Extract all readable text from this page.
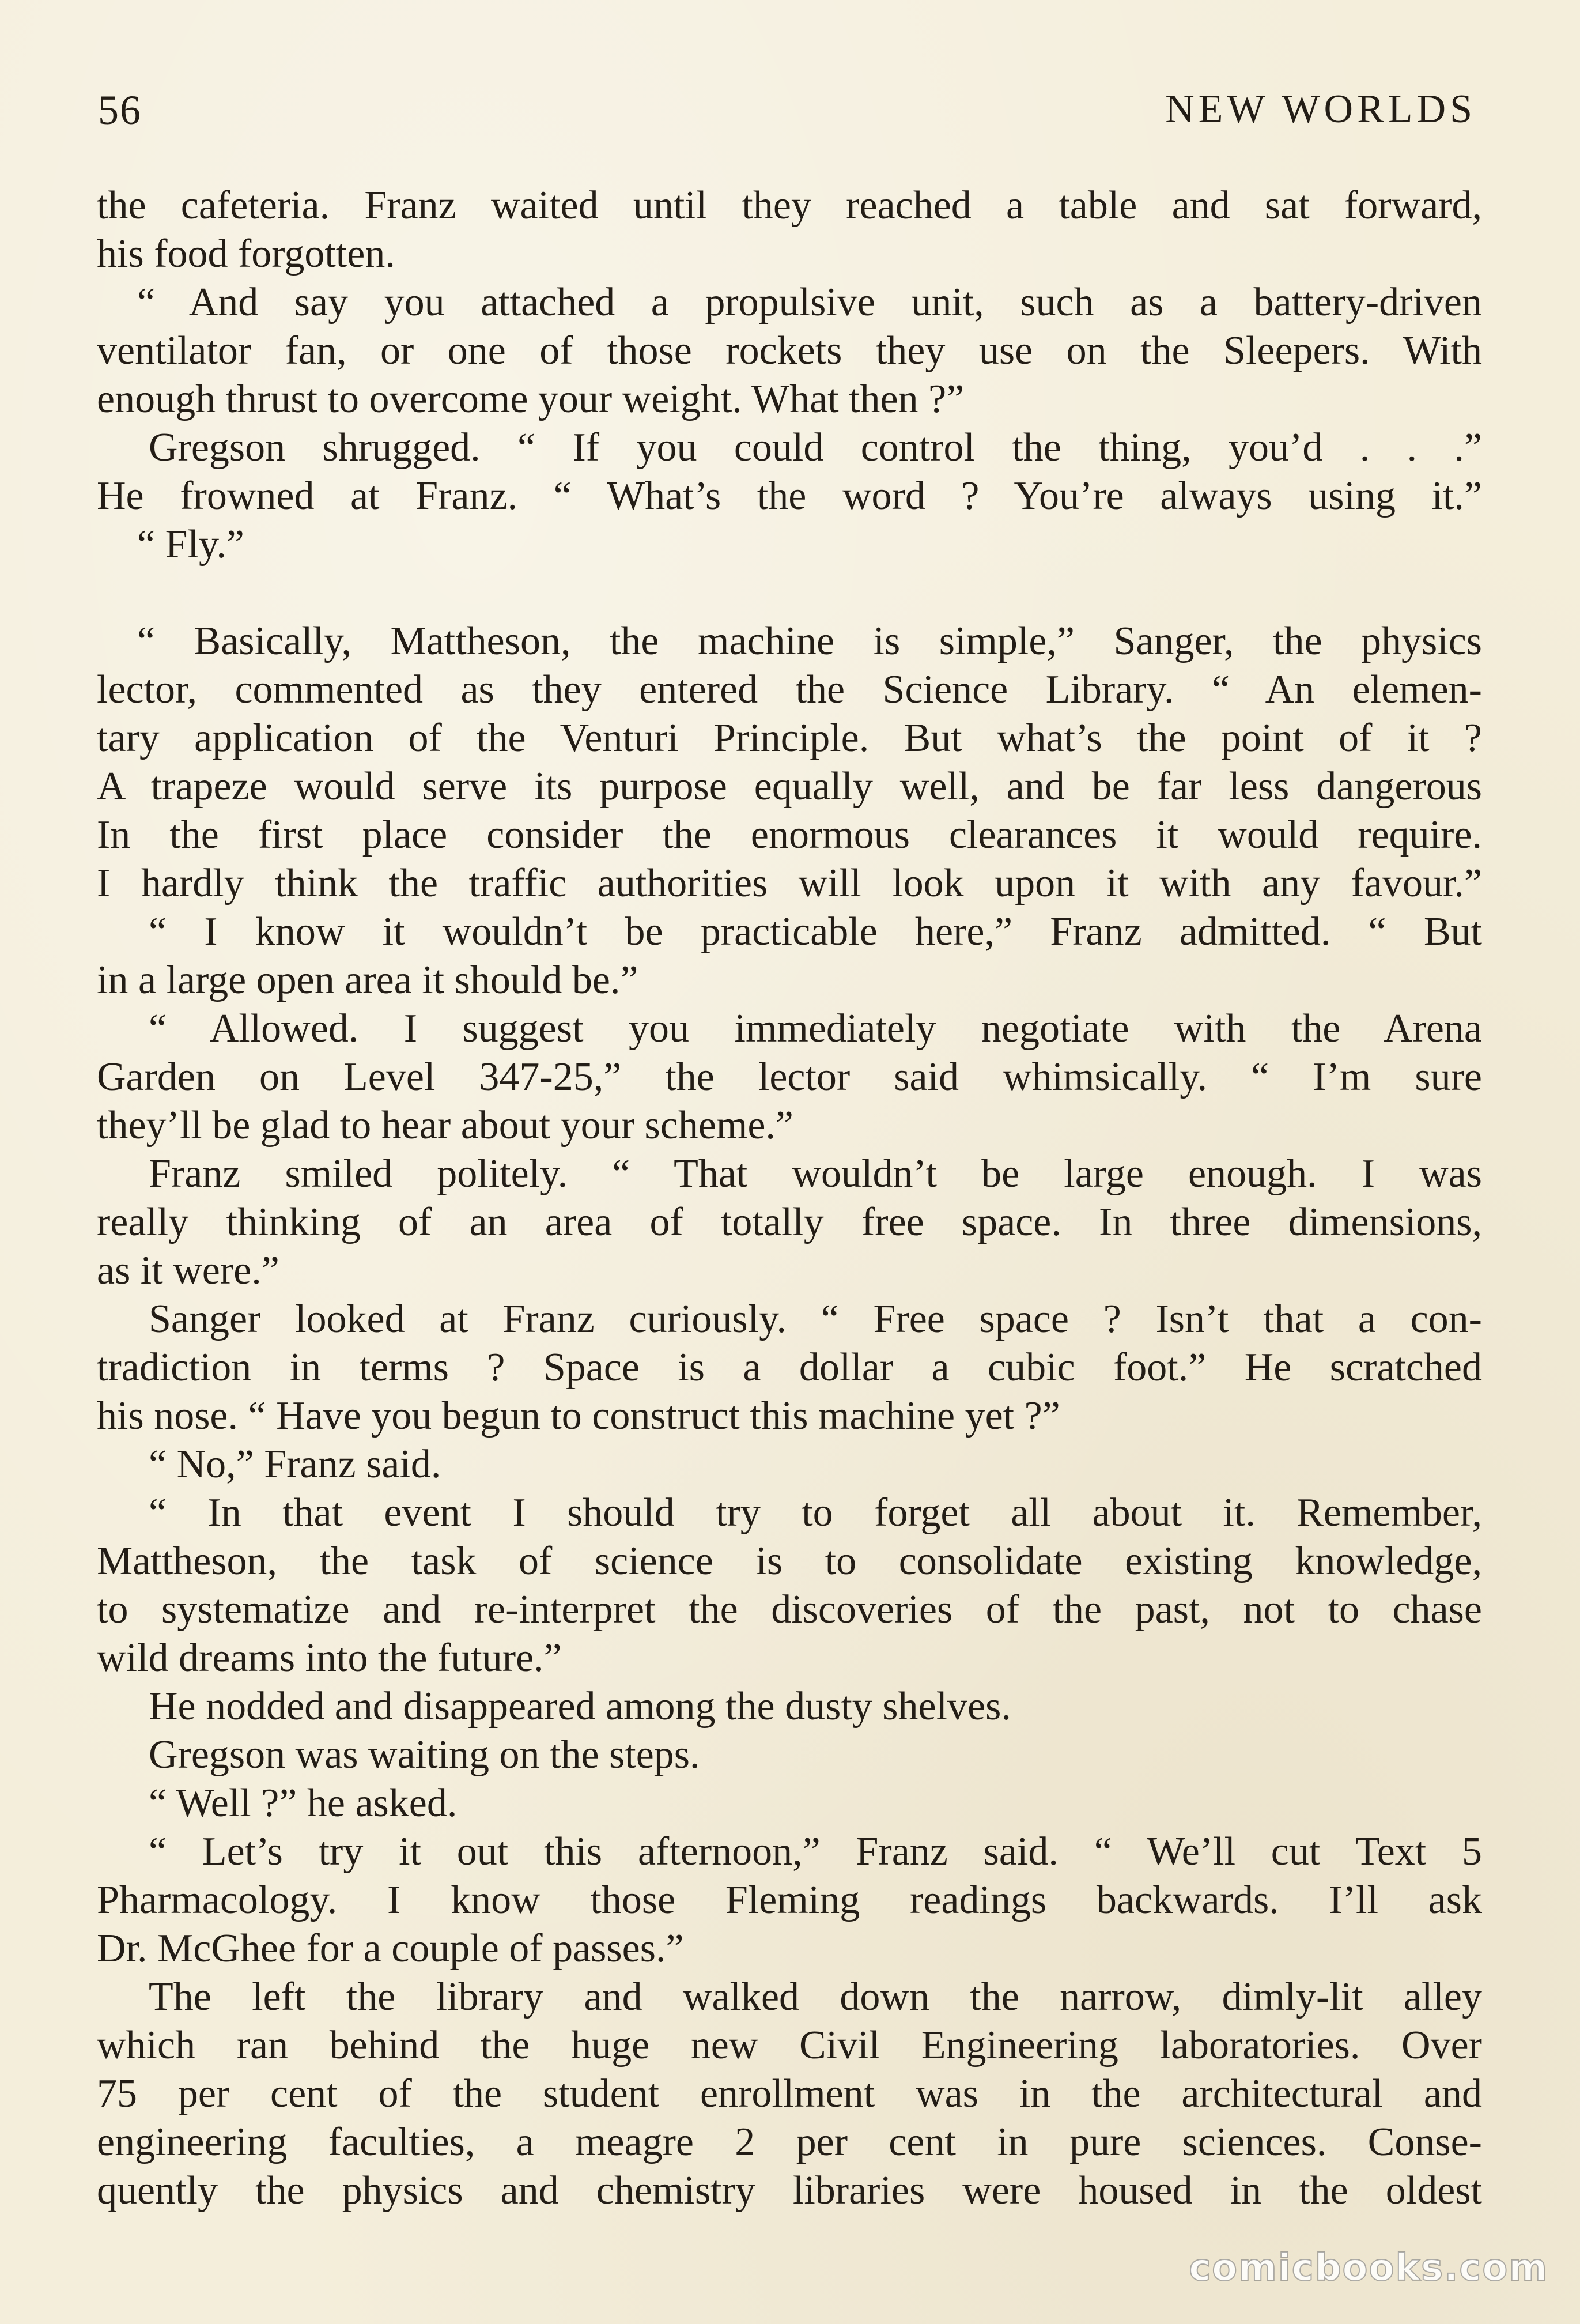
56	NEW WORLDS
the cafeteria. Franz waited until they reached a table and sat forward,
his food forgotten.
“ And say you attached a propulsive unit, such as a battery-driven
ventilator fan, or one of those rockets they use on the Sleepers. With
enough thrust to overcome your weight. What then ?”
Gregson shrugged. “ If you could control the thing, you’d . . .”
He frowned at Franz. “ What’s the word ? You’re always using it.”
“ Fly.”
“ Basically, Mattheson, the machine is simple,” Sanger, the physics
lector, commented as they entered the Science Library. “ An elemen-
tary application of the Venturi Principle. But what’s the point of it ?
A trapeze would serve its purpose equally well, and be far less dangerous
In the first place consider the enormous clearances it would require.
I hardly think the traffic authorities will look upon it with any favour.”
“ I know it wouldn’t be practicable here,” Franz admitted. “ But
in a large open area it should be.”
“ Allowed. I suggest you immediately negotiate with the Arena
Garden on Level 347-25,” the lector said whimsically. “ I’m sure
they’ll be glad to hear about your scheme.”
Franz smiled politely. “ That wouldn’t be large enough. I was
really thinking of an area of totally free space. In three dimensions,
as it were.”
Sanger looked at Franz curiously. “ Free space ? Isn’t that a con-
tradiction in terms ? Space is a dollar a cubic foot.” He scratched
his nose. “ Have you begun to construct this machine yet ?”
“ No,” Franz said.
“ In that event I should try to forget all about it. Remember,
Mattheson, the task of science is to consolidate existing knowledge,
to systematize and re-interpret the discoveries of the past, not to chase
wild dreams into the future.”
He nodded and disappeared among the dusty shelves.
Gregson was waiting on the steps.
“ Well ?” he asked.
“ Let’s try it out this afternoon,” Franz said. “ We’ll cut Text 5
Pharmacology. I know those Fleming readings backwards. I’ll ask
Dr. McGhee for a couple of passes.”
The left the library and walked down the narrow, dimly-lit alley
which ran behind the huge new Civil Engineering laboratories. Over
75 per cent of the student enrollment was in the architectural and
engineering faculties, a meagre 2 per cent in pure sciences. Conse-
quently the physics and chemistry libraries were housed in the oldest
comicbooks.com
